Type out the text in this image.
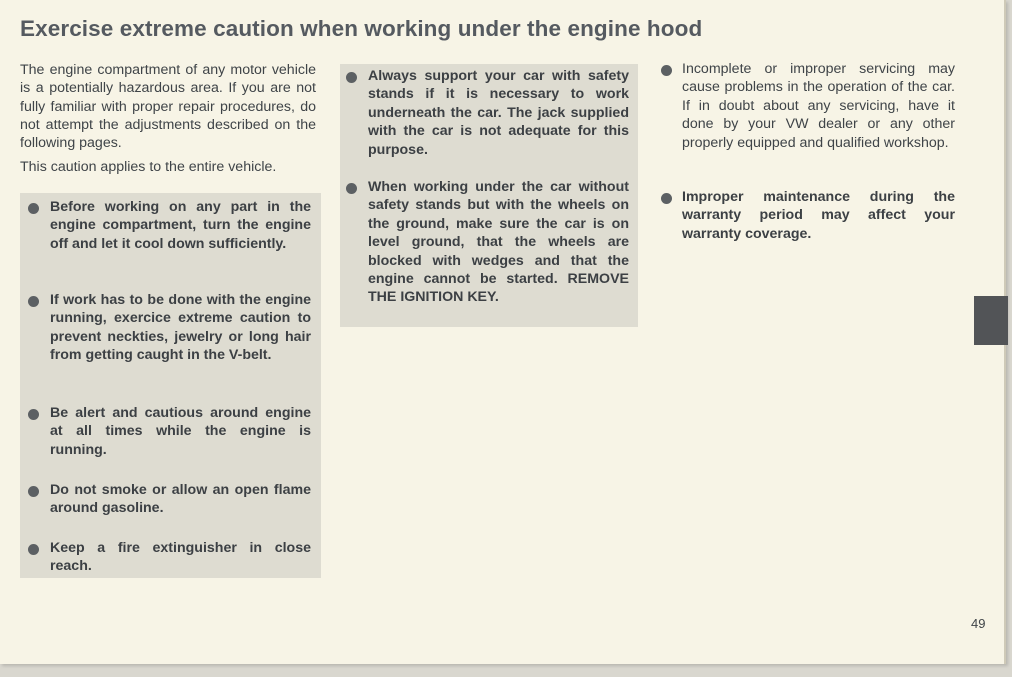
Exercise extreme caution when working under the engine hood

The engine compartment of any motor vehicle is a potentially hazardous area. If you are not fully familiar with proper repair procedures, do not attempt the adjustments described on the following pages.

This caution applies to the entire vehicle.

Before working on any part in the engine compartment, turn the engine off and let it cool down sufficiently.
If work has to be done with the engine running, exercice extreme caution to prevent neckties, jewelry or long hair from getting caught in the V-belt.
Be alert and cautious around engine at all times while the engine is running.
Do not smoke or allow an open flame around gasoline.
Keep a fire extinguisher in close reach.
Always support your car with safety stands if it is necessary to work underneath the car. The jack supplied with the car is not adequate for this purpose.
When working under the car without safety stands but with the wheels on the ground, make sure the car is on level ground, that the wheels are blocked with wedges and that the engine cannot be started. REMOVE THE IGNITION KEY.
Incomplete or improper servicing may cause problems in the operation of the car. If in doubt about any servicing, have it done by your VW dealer or any other properly equipped and qualified workshop.
Improper maintenance during the warranty period may affect your warranty coverage.
49
